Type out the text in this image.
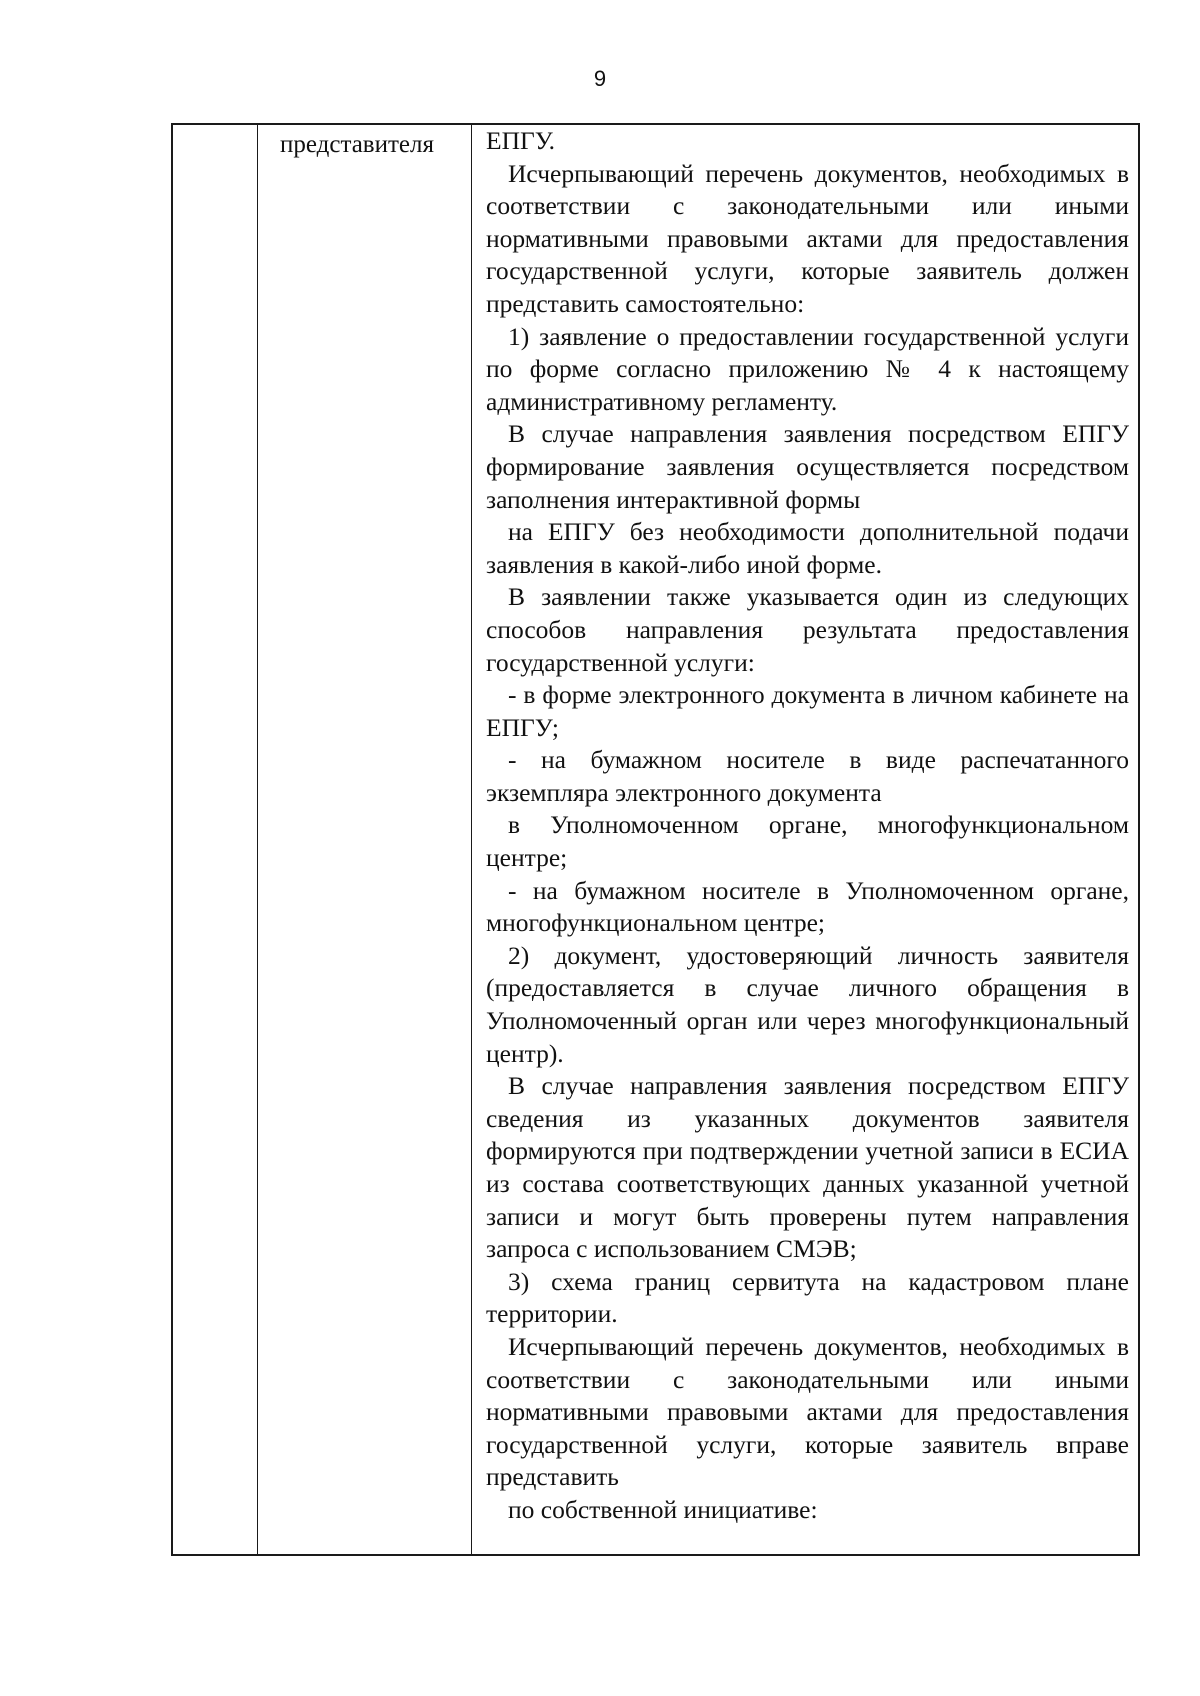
9
представителя	ЕПГУ.

Исчерпывающий перечень документов, необходимых в соответствии с законодательными или иными нормативными правовыми актами для предоставления государственной услуги, которые заявитель должен представить самостоятельно:

1) заявление о предоставлении государственной услуги по форме согласно приложению № 4 к настоящему административному регламенту.

В случае направления заявления посредством ЕПГУ формирование заявления осуществляется посредством заполнения интерактивной формы

на ЕПГУ без необходимости дополнительной подачи заявления в какой-либо иной форме.

В заявлении также указывается один из следующих способов направления результата предоставления государственной услуги:

- в форме электронного документа в личном кабинете на ЕПГУ;

- на бумажном носителе в виде распечатанного экземпляра электронного документа

в Уполномоченном органе, многофункциональном центре;

- на бумажном носителе в Уполномоченном органе, многофункциональном центре;

2) документ, удостоверяющий личность заявителя (предоставляется в случае личного обращения в Уполномоченный орган или через многофункциональный центр).

В случае направления заявления посредством ЕПГУ сведения из указанных документов заявителя формируются при подтверждении учетной записи в ЕСИА из состава соответствующих данных указанной учетной записи и могут быть проверены путем направления запроса с использованием СМЭВ;

3) схема границ сервитута на кадастровом плане территории.

Исчерпывающий перечень документов, необходимых в соответствии с законодательными или иными нормативными правовыми актами для предоставления государственной услуги, которые заявитель вправе представить

по собственной инициативе:
